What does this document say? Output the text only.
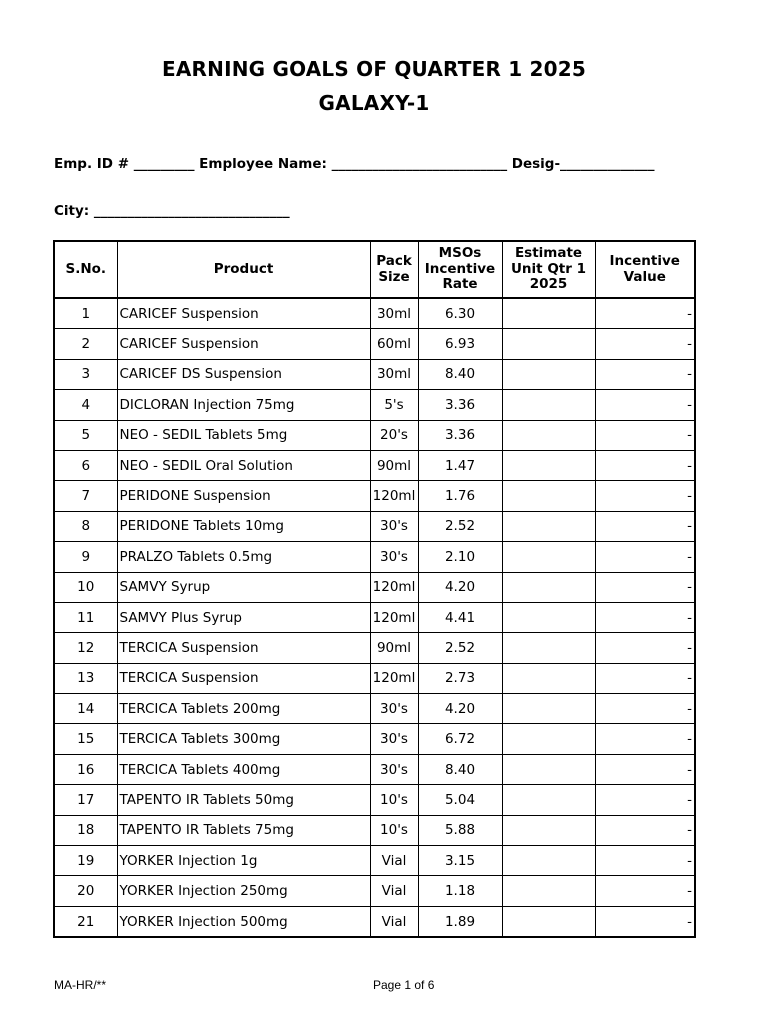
EARNING GOALS OF QUARTER 1 2025
GALAXY-1
Emp. ID # _________ Employee Name: __________________________ Desig-______________
City: _____________________________
S.No.	Product	Pack Size	MSOs Incentive Rate	Estimate Unit Qtr 1 2025	Incentive Value
1	CARICEF Suspension	30ml	6.30		-
2	CARICEF Suspension	60ml	6.93		-
3	CARICEF DS Suspension	30ml	8.40		-
4	DICLORAN Injection 75mg	5's	3.36		-
5	NEO - SEDIL Tablets 5mg	20's	3.36		-
6	NEO - SEDIL Oral Solution	90ml	1.47		-
7	PERIDONE Suspension	120ml	1.76		-
8	PERIDONE Tablets 10mg	30's	2.52		-
9	PRALZO Tablets 0.5mg	30's	2.10		-
10	SAMVY Syrup	120ml	4.20		-
11	SAMVY Plus Syrup	120ml	4.41		-
12	TERCICA Suspension	90ml	2.52		-
13	TERCICA Suspension	120ml	2.73		-
14	TERCICA Tablets 200mg	30's	4.20		-
15	TERCICA Tablets 300mg	30's	6.72		-
16	TERCICA Tablets 400mg	30's	8.40		-
17	TAPENTO IR Tablets 50mg	10's	5.04		-
18	TAPENTO IR Tablets 75mg	10's	5.88		-
19	YORKER Injection 1g	Vial	3.15		-
20	YORKER Injection 250mg	Vial	1.18		-
21	YORKER Injection 500mg	Vial	1.89		-
MA-HR/**	Page 1 of 6
